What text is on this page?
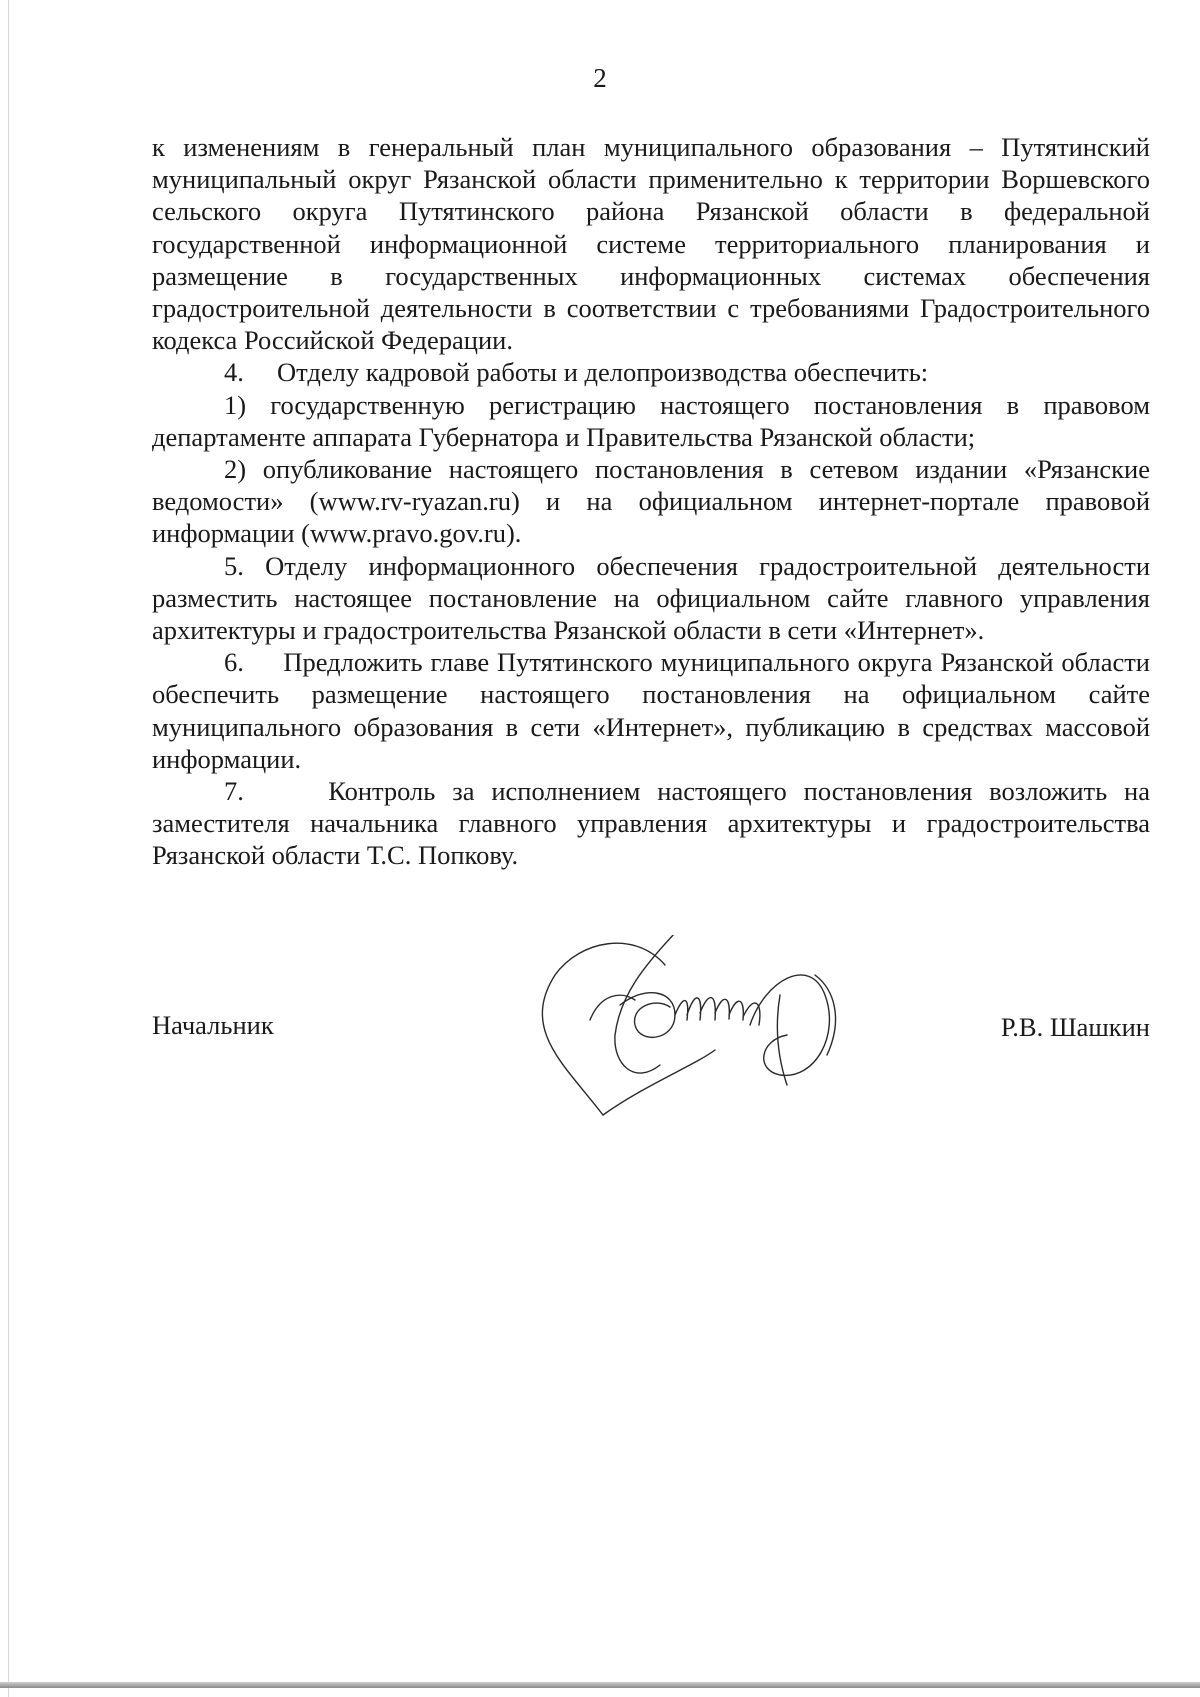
2

к изменениям в генеральный план муниципального образования – Путятинский муниципальный округ Рязанской области применительно к территории Воршевского сельского округа Путятинского района Рязанской области в федеральной государственной информационной системе территориального планирования и размещение в государственных информационных системах обеспечения градостроительной деятельности в соответствии с требованиями Градостроительного кодекса Российской Федерации.

4.     Отделу кадровой работы и делопроизводства обеспечить:

1) государственную регистрацию настоящего постановления в правовом департаменте аппарата Губернатора и Правительства Рязанской области;

2) опубликование настоящего постановления в сетевом издании «Рязанские ведомости» (www.rv-ryazan.ru) и на официальном интернет-портале правовой информации (www.pravo.gov.ru).

5. Отделу информационного обеспечения градостроительной деятельности разместить настоящее постановление на официальном сайте главного управления архитектуры и градостроительства Рязанской области в сети «Интернет».

6.     Предложить главе Путятинского муниципального округа Рязанской области обеспечить размещение настоящего постановления на официальном сайте муниципального образования в сети «Интернет», публикацию в средствах массовой информации.

7.     Контроль за исполнением настоящего постановления возложить на заместителя начальника главного управления архитектуры и градостроительства Рязанской области Т.С. Попкову.

Начальник	Р.В. Шашкин
